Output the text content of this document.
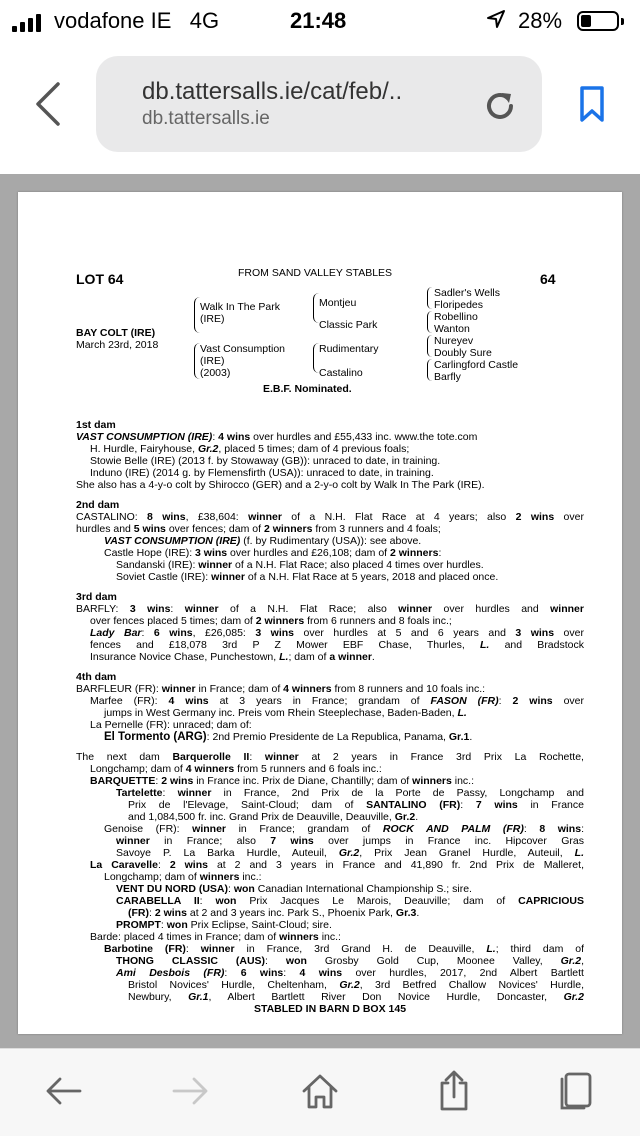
vodafone IE 4G	21:48	28%
db.tattersalls.ie/cat/feb/..
db.tattersalls.ie
LOT 64	FROM SAND VALLEY STABLES	64
BAY COLT (IRE)
March 23rd, 2018
Walk In The Park
(IRE)
Vast Consumption
(IRE)
(2003)
Montjeu
Classic Park
Rudimentary
Castalino
Sadler's Wells
Floripedes
Robellino
Wanton
Nureyev
Doubly Sure
Carlingford Castle
Barfly
E.B.F. Nominated.
1st dam
VAST CONSUMPTION (IRE): 4 wins over hurdles and £55,433 inc. www.the tote.com
H. Hurdle, Fairyhouse, Gr.2, placed 5 times; dam of 4 previous foals;
Stowie Belle (IRE) (2013 f. by Stowaway (GB)): unraced to date, in training.
Induno (IRE) (2014 g. by Flemensfirth (USA)): unraced to date, in training.
She also has a 4-y-o colt by Shirocco (GER) and a 2-y-o colt by Walk In The Park (IRE).
2nd dam
CASTALINO: 8 wins, £38,604: winner of a N.H. Flat Race at 4 years; also 2 wins over
hurdles and 5 wins over fences; dam of 2 winners from 3 runners and 4 foals;
VAST CONSUMPTION (IRE) (f. by Rudimentary (USA)): see above.
Castle Hope (IRE): 3 wins over hurdles and £26,108; dam of 2 winners:
Sandanski (IRE): winner of a N.H. Flat Race; also placed 4 times over hurdles.
Soviet Castle (IRE): winner of a N.H. Flat Race at 5 years, 2018 and placed once.
3rd dam
BARFLY: 3 wins: winner of a N.H. Flat Race; also winner over hurdles and winner
over fences placed 5 times; dam of 2 winners from 6 runners and 8 foals inc.;
Lady Bar: 6 wins, £26,085: 3 wins over hurdles at 5 and 6 years and 3 wins over
fences and £18,078 3rd P Z Mower EBF Chase, Thurles, L. and Bradstock
Insurance Novice Chase, Punchestown, L.; dam of a winner.
4th dam
BARFLEUR (FR): winner in France; dam of 4 winners from 8 runners and 10 foals inc.:
Marfee (FR): 4 wins at 3 years in France; grandam of FASON (FR): 2 wins over
jumps in West Germany inc. Preis vom Rhein Steeplechase, Baden-Baden, L.
La Pernelle (FR): unraced; dam of:
El Tormento (ARG): 2nd Premio Presidente de La Republica, Panama, Gr.1.
The next dam Barquerolle II: winner at 2 years in France 3rd Prix La Rochette,
Longchamp; dam of 4 winners from 5 runners and 6 foals inc.:
BARQUETTE: 2 wins in France inc. Prix de Diane, Chantilly; dam of winners inc.:
Tartelette: winner in France, 2nd Prix de la Porte de Passy, Longchamp and
Prix de l'Elevage, Saint-Cloud; dam of SANTALINO (FR): 7 wins in France
and 1,084,500 fr. inc. Grand Prix de Deauville, Deauville, Gr.2.
Genoise (FR): winner in France; grandam of ROCK AND PALM (FR): 8 wins:
winner in France; also 7 wins over jumps in France inc. Hipcover Gras
Savoye P. La Barka Hurdle, Auteuil, Gr.2, Prix Jean Granel Hurdle, Auteuil, L.
La Caravelle: 2 wins at 2 and 3 years in France and 41,890 fr. 2nd Prix de Malleret,
Longchamp; dam of winners inc.:
VENT DU NORD (USA): won Canadian International Championship S.; sire.
CARABELLA II: won Prix Jacques Le Marois, Deauville; dam of CAPRICIOUS
(FR): 2 wins at 2 and 3 years inc. Park S., Phoenix Park, Gr.3.
PROMPT: won Prix Eclipse, Saint-Cloud; sire.
Barde: placed 4 times in France; dam of winners inc.:
Barbotine (FR): winner in France, 3rd Grand H. de Deauville, L.; third dam of
THONG CLASSIC (AUS): won Grosby Gold Cup, Moonee Valley, Gr.2,
Ami Desbois (FR): 6 wins: 4 wins over hurdles, 2017, 2nd Albert Bartlett
Bristol Novices' Hurdle, Cheltenham, Gr.2, 3rd Betfred Challow Novices' Hurdle,
Newbury, Gr.1, Albert Bartlett River Don Novice Hurdle, Doncaster, Gr.2
STABLED IN BARN D BOX 145
